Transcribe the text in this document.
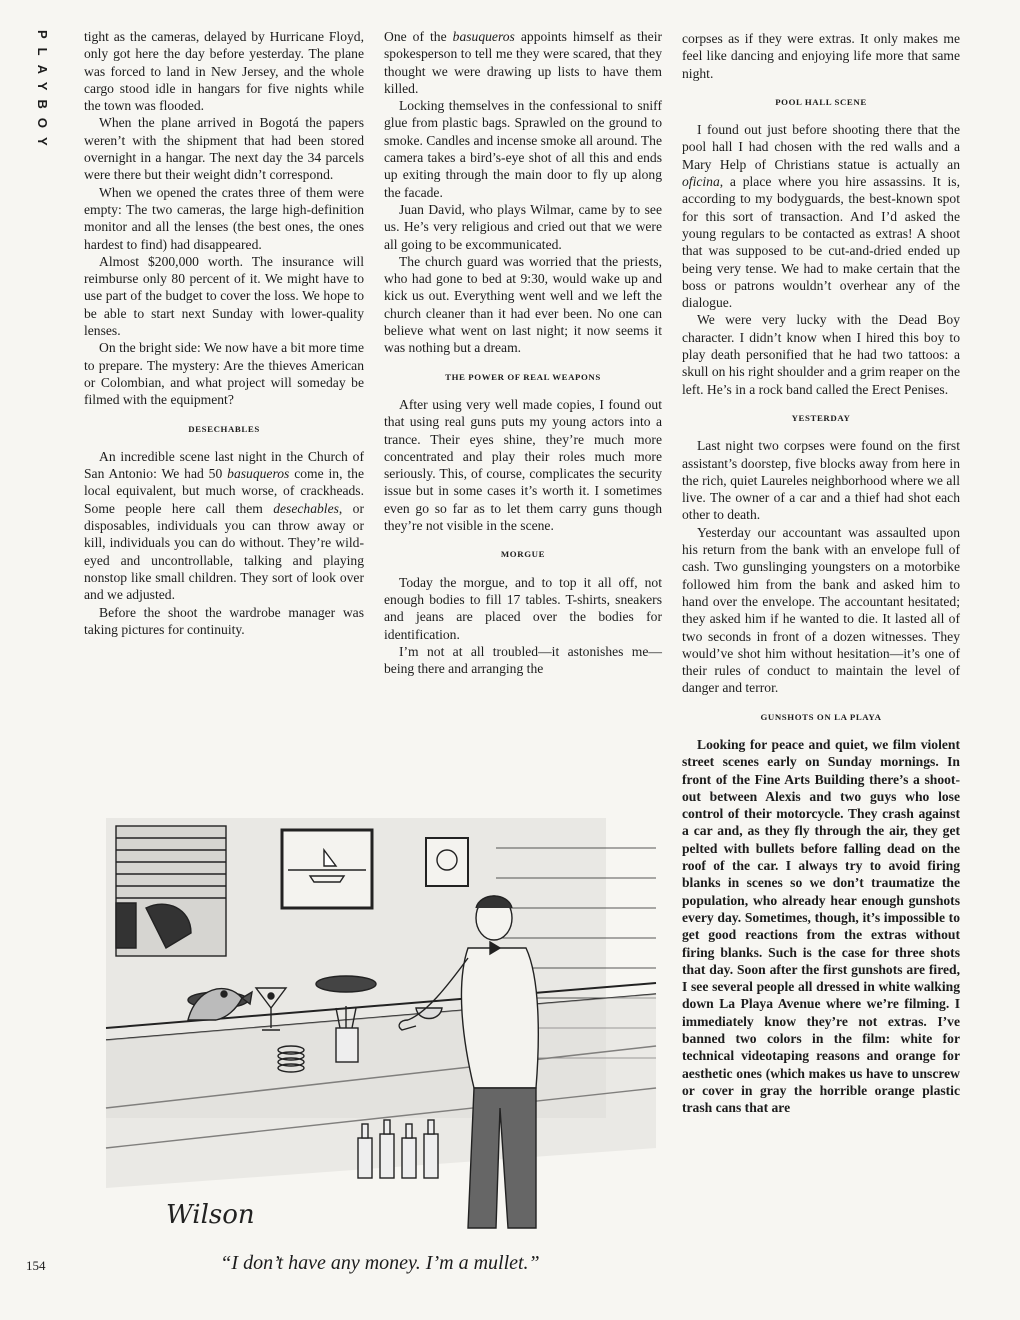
PLAYBOY	tight as the cameras, delayed by Hurricane Floyd, only got here the day before yesterday. The plane was forced to land in New Jersey, and the whole cargo stood idle in hangars for five nights while the town was flooded.

When the plane arrived in Bogotá the papers weren’t with the shipment that had been stored overnight in a hangar. The next day the 34 parcels were there but their weight didn’t correspond.

When we opened the crates three of them were empty: The two cameras, the large high-definition monitor and all the lenses (the best ones, the ones hardest to find) had disappeared.

Almost $200,000 worth. The insurance will reimburse only 80 percent of it. We might have to use part of the budget to cover the loss. We hope to be able to start next Sunday with lower-quality lenses.

On the bright side: We now have a bit more time to prepare. The mystery: Are the thieves American or Colombian, and what project will someday be filmed with the equipment?

DESECHABLES

An incredible scene last night in the Church of San Antonio: We had 50 basuqueros come in, the local equivalent, but much worse, of crackheads. Some people here call them desechables, or disposables, individuals you can throw away or kill, individuals you can do without. They’re wild-eyed and uncontrollable, talking and playing nonstop like small children. They sort of look over and we adjusted.

Before the shoot the wardrobe manager was taking pictures for continuity.

One of the basuqueros appoints himself as their spokesperson to tell me they were scared, that they thought we were drawing up lists to have them killed.

Locking themselves in the confessional to sniff glue from plastic bags. Sprawled on the ground to smoke. Candles and incense smoke all around. The camera takes a bird’s-eye shot of all this and ends up exiting through the main door to fly up along the facade.

Juan David, who plays Wilmar, came by to see us. He’s very religious and cried out that we were all going to be excommunicated.

The church guard was worried that the priests, who had gone to bed at 9:30, would wake up and kick us out. Everything went well and we left the church cleaner than it had ever been. No one can believe what went on last night; it now seems it was nothing but a dream.

THE POWER OF REAL WEAPONS

After using very well made copies, I found out that using real guns puts my young actors into a trance. Their eyes shine, they’re much more concentrated and play their roles much more seriously. This, of course, complicates the security issue but in some cases it’s worth it. I sometimes even go so far as to let them carry guns though they’re not visible in the scene.

MORGUE

Today the morgue, and to top it all off, not enough bodies to fill 17 tables. T-shirts, sneakers and jeans are placed over the bodies for identification.

I’m not at all troubled—it astonishes me—being there and arranging the

corpses as if they were extras. It only makes me feel like dancing and enjoying life more that same night.

POOL HALL SCENE

I found out just before shooting there that the pool hall I had chosen with the red walls and a Mary Help of Christians statue is actually an oficina, a place where you hire assassins. It is, according to my bodyguards, the best-known spot for this sort of transaction. And I’d asked the young regulars to be contacted as extras! A shoot that was supposed to be cut-and-dried ended up being very tense. We had to make certain that the boss or patrons wouldn’t overhear any of the dialogue.

We were very lucky with the Dead Boy character. I didn’t know when I hired this boy to play death personified that he had two tattoos: a skull on his right shoulder and a grim reaper on the left. He’s in a rock band called the Erect Penises.

YESTERDAY

Last night two corpses were found on the first assistant’s doorstep, five blocks away from here in the rich, quiet Laureles neighborhood where we all live. The owner of a car and a thief had shot each other to death.

Yesterday our accountant was assaulted upon his return from the bank with an envelope full of cash. Two gunslinging youngsters on a motorbike followed him from the bank and asked him to hand over the envelope. The accountant hesitated; they asked him if he wanted to die. It lasted all of two seconds in front of a dozen witnesses. They would’ve shot him without hesitation—it’s one of their rules of conduct to maintain the level of danger and terror.

GUNSHOTS ON LA PLAYA

Looking for peace and quiet, we film violent street scenes early on Sunday mornings. In front of the Fine Arts Building there’s a shoot-out between Alexis and two guys who lose control of their motorcycle. They crash against a car and, as they fly through the air, they get pelted with bullets before falling dead on the roof of the car. I always try to avoid firing blanks in scenes so we don’t traumatize the population, who already hear enough gunshots every day. Sometimes, though, it’s impossible to get good reactions from the extras without firing blanks. Such is the case for three shots that day. Soon after the first gunshots are fired, I see several people all dressed in white walking down La Playa Avenue where we’re filming. I immediately know they’re not extras. I’ve banned two colors in the film: white for technical videotaping reasons and orange for aesthetic ones (which makes us have to unscrew or cover in gray the horrible orange plastic trash cans that are

Wilson
“I don’t have any money. I’m a mullet.”
154
